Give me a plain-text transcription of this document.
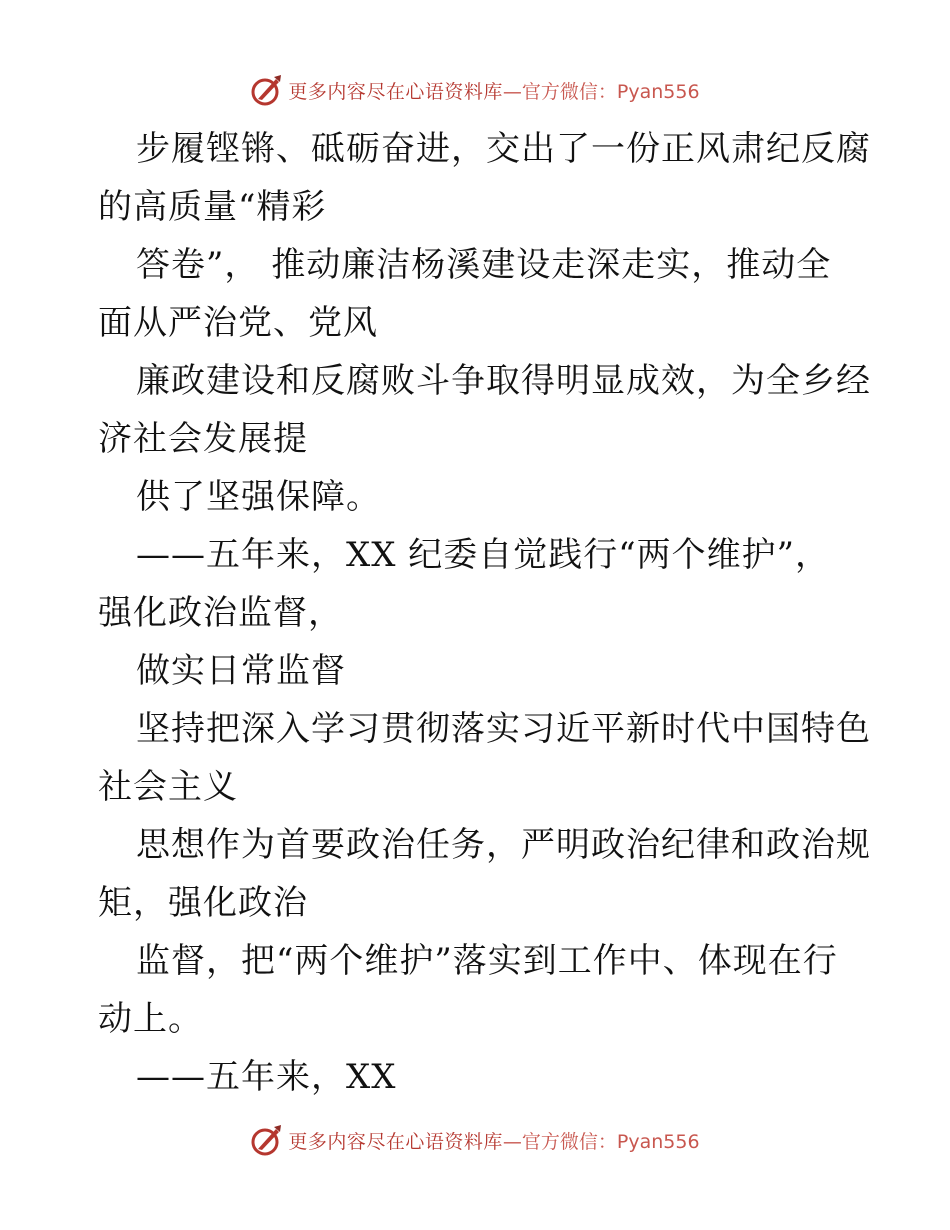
更多内容尽在心语资料库 —官方微信：Pyan556
步履铿锵、砥砺奋进，交出了一份正风肃纪反腐
的高质量“精彩
答卷”， 推动廉洁杨溪建设走深走实，推动全
面从严治党、党风
廉政建设和反腐败斗争取得明显成效，为全乡经
济社会发展提
供了坚强保障。
——五年来，XX 纪委自觉践行“两个维护”，
强化政治监督，
做实日常监督
坚持把深入学习贯彻落实习近平新时代中国特色
社会主义
思想作为首要政治任务，严明政治纪律和政治规
矩，强化政治
监督，把“两个维护”落实到工作中、体现在行
动上。
——五年来，XX
更多内容尽在心语资料库 —官方微信：Pyan556
